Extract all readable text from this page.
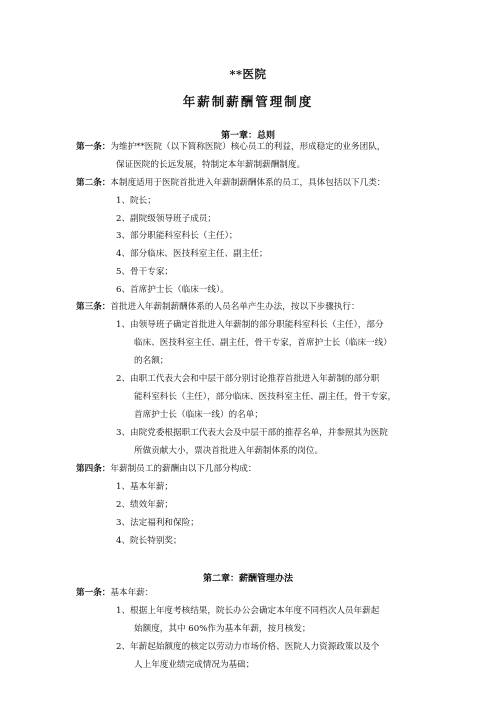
**医院
年薪制薪酬管理制度
第一章：总则
第一条：为维护**医院（以下简称医院）核心员工的利益，形成稳定的业务团队，
保证医院的长远发展，特制定本年薪制薪酬制度。
第二条：本制度适用于医院首批进入年薪制薪酬体系的员工，具体包括以下几类：
1、院长；
2、副院级领导班子成员；
3、部分职能科室科长（主任）；
4、部分临床、医技科室主任、副主任；
5、骨干专家；
6、首席护士长（临床一线）。
第三条：首批进入年薪制薪酬体系的人员名单产生办法，按以下步骤执行：
1、由领导班子确定首批进入年薪制的部分职能科室科长（主任），部分
临床、医技科室主任、副主任，骨干专家，首席护士长（临床一线）
的名额；
2、由职工代表大会和中层干部分别讨论推荐首批进入年薪制的部分职
能科室科长（主任），部分临床、医技科室主任、副主任，骨干专家，
首席护士长（临床一线）的名单；
3、由院党委根据职工代表大会及中层干部的推荐名单，并参照其为医院
所做贡献大小，票决首批进入年薪制体系的岗位。
第四条：年薪制员工的薪酬由以下几部分构成：
1、基本年薪；
2、绩效年薪；
3、法定福利和保险；
4、院长特别奖；
第二章：薪酬管理办法
第一条：基本年薪：
1、根据上年度考核结果，院长办公会确定本年度不同档次人员年薪起
始额度，其中 60%作为基本年薪，按月核发；
2、年薪起始额度的核定以劳动力市场价格、医院人力资源政策以及个
人上年度业绩完成情况为基础；
